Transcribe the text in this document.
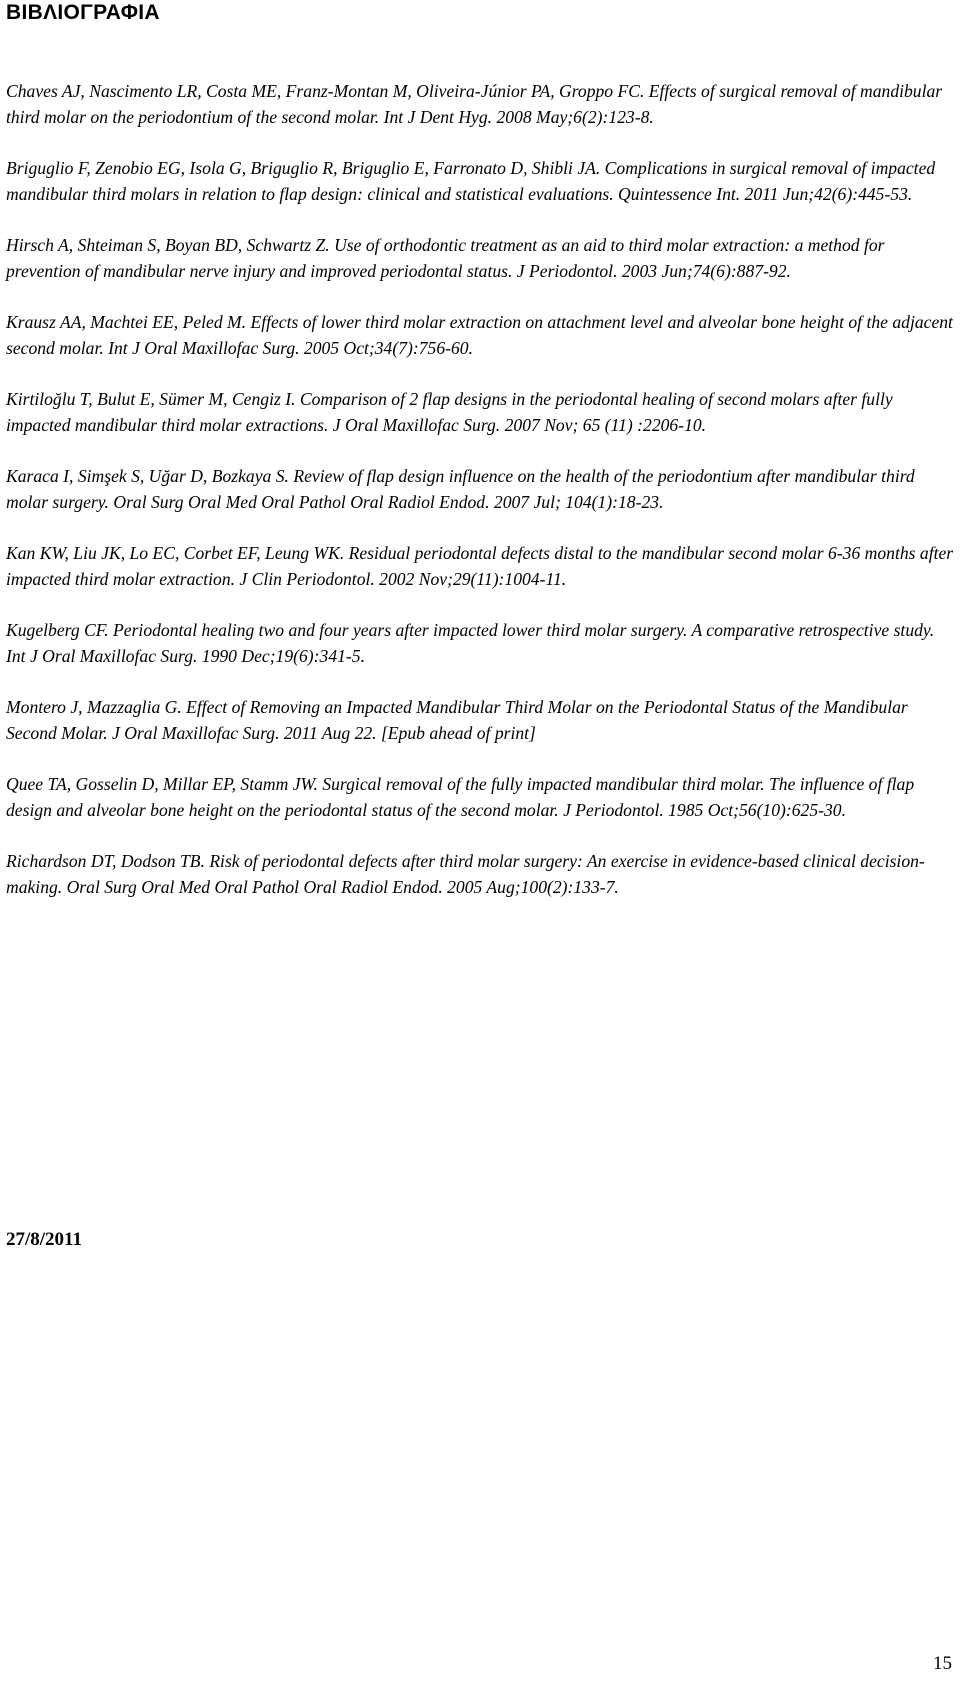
ΒΙΒΛΙΟΓΡΑΦΙΑ
Chaves AJ, Nascimento LR, Costa ME, Franz-Montan M, Oliveira-Júnior PA, Groppo FC. Effects of surgical removal of mandibular third molar on the periodontium of the second molar. Int J Dent Hyg. 2008 May;6(2):123-8.
Briguglio F, Zenobio EG, Isola G, Briguglio R, Briguglio E, Farronato D, Shibli JA. Complications in surgical removal of impacted mandibular third molars in relation to flap design: clinical and statistical evaluations. Quintessence Int. 2011 Jun;42(6):445-53.
Hirsch A, Shteiman S, Boyan BD, Schwartz Z. Use of orthodontic treatment as an aid to third molar extraction: a method for prevention of mandibular nerve injury and improved periodontal status. J Periodontol. 2003 Jun;74(6):887-92.
Krausz AA, Machtei EE, Peled M. Effects of lower third molar extraction on attachment level and alveolar bone height of the adjacent second molar. Int J Oral Maxillofac Surg. 2005 Oct;34(7):756-60.
Kirtiloğlu T, Bulut E, Sümer M, Cengiz I. Comparison of 2 flap designs in the periodontal healing of second molars after fully impacted mandibular third molar extractions. J Oral Maxillofac Surg. 2007 Nov; 65 (11) :2206-10.
Karaca I, Simşek S, Uğar D, Bozkaya S. Review of flap design influence on the health of the periodontium after mandibular third molar surgery. Oral Surg Oral Med Oral Pathol Oral Radiol Endod. 2007 Jul; 104(1):18-23.
Kan KW, Liu JK, Lo EC, Corbet EF, Leung WK. Residual periodontal defects distal to the mandibular second molar 6-36 months after impacted third molar extraction. J Clin Periodontol. 2002 Nov;29(11):1004-11.
Kugelberg CF. Periodontal healing two and four years after impacted lower third molar surgery. A comparative retrospective study. Int J Oral Maxillofac Surg. 1990 Dec;19(6):341-5.
Montero J, Mazzaglia G. Effect of Removing an Impacted Mandibular Third Molar on the Periodontal Status of the Mandibular Second Molar. J Oral Maxillofac Surg. 2011 Aug 22. [Epub ahead of print]
Quee TA, Gosselin D, Millar EP, Stamm JW. Surgical removal of the fully impacted mandibular third molar. The influence of flap design and alveolar bone height on the periodontal status of the second molar. J Periodontol. 1985 Oct;56(10):625-30.
Richardson DT, Dodson TB. Risk of periodontal defects after third molar surgery: An exercise in evidence-based clinical decision-making. Oral Surg Oral Med Oral Pathol Oral Radiol Endod. 2005 Aug;100(2):133-7.

27/8/2011

15
